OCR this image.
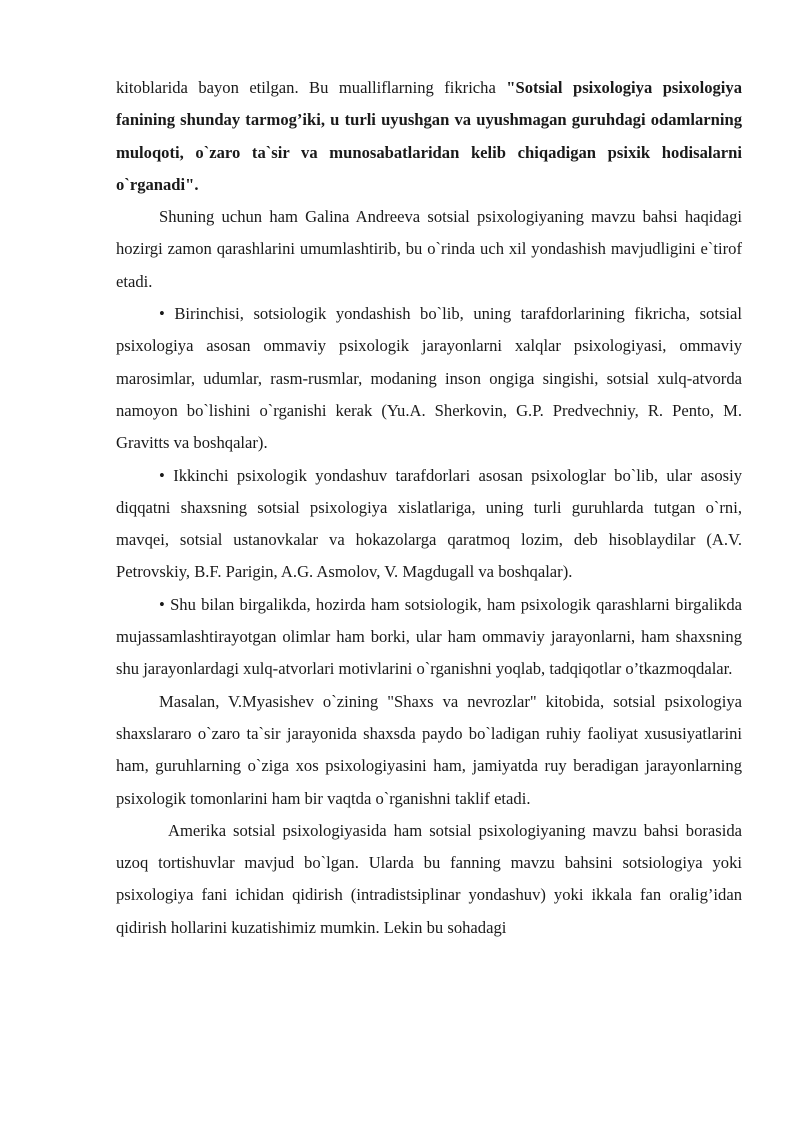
kitoblarida bayon etilgan. Bu mualliflarning fikricha "Sotsial psixologiya psixologiya fanining shunday tarmog’iki, u turli uyushgan va uyushmagan guruhdagi odamlarning muloqoti, o`zaro ta`sir va munosabatlaridan kelib chiqadigan psixik hodisalarni o`rganadi".

Shuning uchun ham Galina Andreeva sotsial psixologiyaning mavzu bahsi haqidagi hozirgi zamon qarashlarini umumlashtirib, bu o`rinda uch xil yondashish mavjudligini e`tirof etadi.

• Birinchisi, sotsiologik yondashish bo`lib, uning tarafdorlarining fikricha, sotsial psixologiya asosan ommaviy psixologik jarayonlarni xalqlar psixologiyasi, ommaviy marosimlar, udumlar, rasm-rusmlar, modaning inson ongiga singishi, sotsial xulq-atvorda namoyon bo`lishini o`rganishi kerak (Yu.A. Sherkovin, G.P. Predvechniy, R. Pento, M. Gravitts va boshqalar).

• Ikkinchi psixologik yondashuv tarafdorlari asosan psixologlar bo`lib, ular asosiy diqqatni shaxsning sotsial psixologiya xislatlariga, uning turli guruhlarda tutgan o`rni, mavqei, sotsial ustanovkalar va hokazolarga qaratmoq lozim, deb hisoblaydilar (A.V. Petrovskiy, B.F. Parigin, A.G. Asmolov, V. Magdugall va boshqalar).

• Shu bilan birgalikda, hozirda ham sotsiologik, ham psixologik qarashlarni birgalikda mujassamlashtirayotgan olimlar ham borki, ular ham ommaviy jarayonlarni, ham shaxsning shu jarayonlardagi xulq-atvorlari motivlarini o`rganishni yoqlab, tadqiqotlar o’tkazmoqdalar.

Masalan, V.Myasishev o`zining "Shaxs va nevrozlar" kitobida, sotsial psixologiya shaxslararo o`zaro ta`sir jarayonida shaxsda paydo bo`ladigan ruhiy faoliyat xususiyatlarini ham, guruhlarning o`ziga xos psixologiyasini ham, jamiyatda ruy beradigan jarayonlarning psixologik tomonlarini ham bir vaqtda o`rganishni taklif etadi.

Amerika sotsial psixologiyasida ham sotsial psixologiyaning mavzu bahsi borasida uzoq tortishuvlar mavjud bo`lgan. Ularda bu fanning mavzu bahsini sotsiologiya yoki psixologiya fani ichidan qidirish (intradistsiplinar yondashuv) yoki ikkala fan oralig’idan qidirish hollarini kuzatishimiz mumkin. Lekin bu sohadagi
